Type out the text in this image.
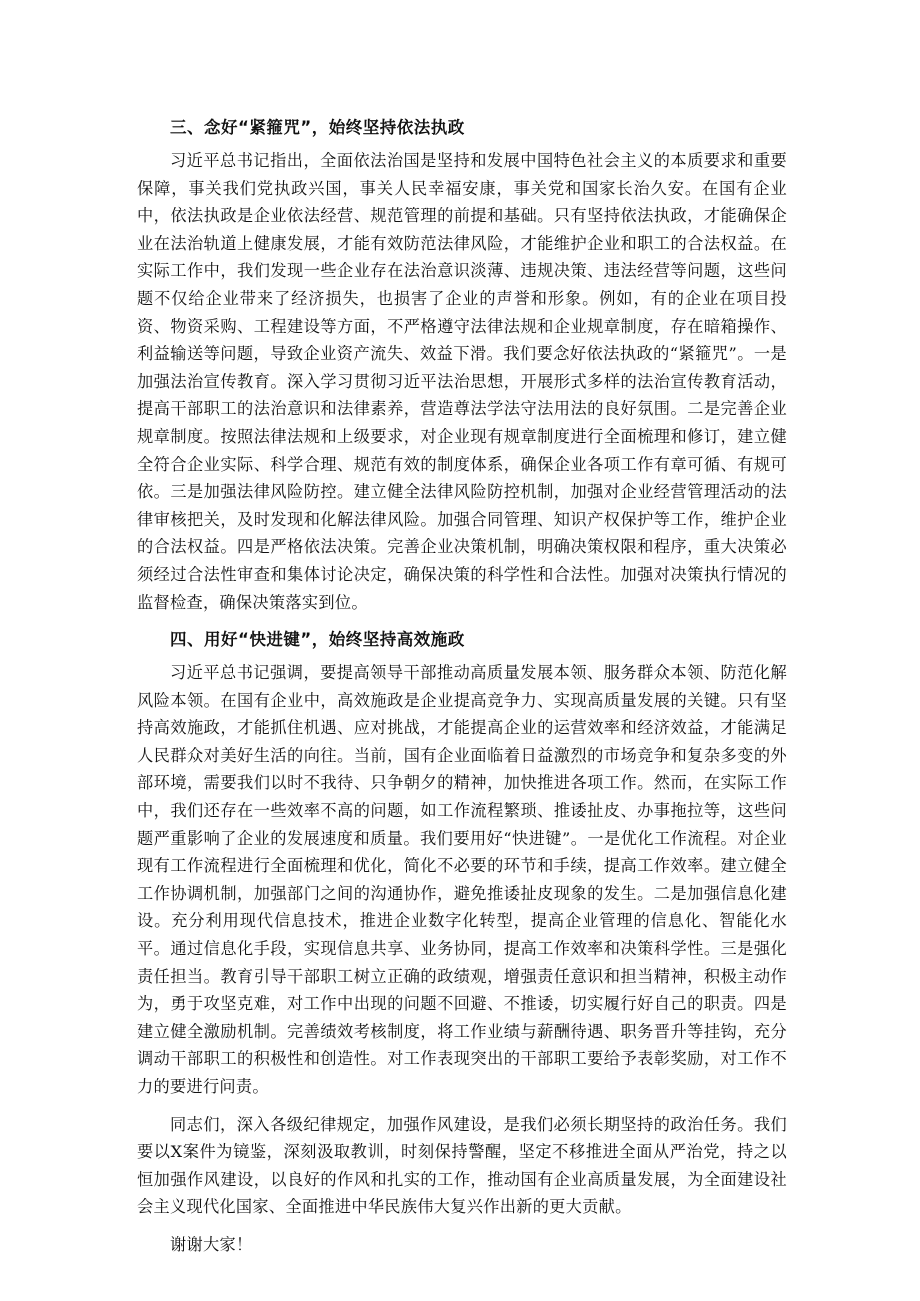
三、念好“紧箍咒”，始终坚持依法执政

习近平总书记指出，全面依法治国是坚持和发展中国特色社会主义的本质要求和重要保障，事关我们党执政兴国，事关人民幸福安康，事关党和国家长治久安。在国有企业中，依法执政是企业依法经营、规范管理的前提和基础。只有坚持依法执政，才能确保企业在法治轨道上健康发展，才能有效防范法律风险，才能维护企业和职工的合法权益。在实际工作中，我们发现一些企业存在法治意识淡薄、违规决策、违法经营等问题，这些问题不仅给企业带来了经济损失，也损害了企业的声誉和形象。例如，有的企业在项目投资、物资采购、工程建设等方面，不严格遵守法律法规和企业规章制度，存在暗箱操作、利益输送等问题，导致企业资产流失、效益下滑。我们要念好依法执政的“紧箍咒”。一是加强法治宣传教育。深入学习贯彻习近平法治思想，开展形式多样的法治宣传教育活动，提高干部职工的法治意识和法律素养，营造尊法学法守法用法的良好氛围。二是完善企业规章制度。按照法律法规和上级要求，对企业现有规章制度进行全面梳理和修订，建立健全符合企业实际、科学合理、规范有效的制度体系，确保企业各项工作有章可循、有规可依。三是加强法律风险防控。建立健全法律风险防控机制，加强对企业经营管理活动的法律审核把关，及时发现和化解法律风险。加强合同管理、知识产权保护等工作，维护企业的合法权益。四是严格依法决策。完善企业决策机制，明确决策权限和程序，重大决策必须经过合法性审查和集体讨论决定，确保决策的科学性和合法性。加强对决策执行情况的监督检查，确保决策落实到位。

四、用好“快进键”，始终坚持高效施政

习近平总书记强调，要提高领导干部推动高质量发展本领、服务群众本领、防范化解风险本领。在国有企业中，高效施政是企业提高竞争力、实现高质量发展的关键。只有坚持高效施政，才能抓住机遇、应对挑战，才能提高企业的运营效率和经济效益，才能满足人民群众对美好生活的向往。当前，国有企业面临着日益激烈的市场竞争和复杂多变的外部环境，需要我们以时不我待、只争朝夕的精神，加快推进各项工作。然而，在实际工作中，我们还存在一些效率不高的问题，如工作流程繁琐、推诿扯皮、办事拖拉等，这些问题严重影响了企业的发展速度和质量。我们要用好“快进键”。一是优化工作流程。对企业现有工作流程进行全面梳理和优化，简化不必要的环节和手续，提高工作效率。建立健全工作协调机制，加强部门之间的沟通协作，避免推诿扯皮现象的发生。二是加强信息化建设。充分利用现代信息技术，推进企业数字化转型，提高企业管理的信息化、智能化水平。通过信息化手段，实现信息共享、业务协同，提高工作效率和决策科学性。三是强化责任担当。教育引导干部职工树立正确的政绩观，增强责任意识和担当精神，积极主动作为，勇于攻坚克难，对工作中出现的问题不回避、不推诿，切实履行好自己的职责。四是建立健全激励机制。完善绩效考核制度，将工作业绩与薪酬待遇、职务晋升等挂钩，充分调动干部职工的积极性和创造性。对工作表现突出的干部职工要给予表彰奖励，对工作不力的要进行问责。

同志们，深入各级纪律规定，加强作风建设，是我们必须长期坚持的政治任务。我们要以X案件为镜鉴，深刻汲取教训，时刻保持警醒，坚定不移推进全面从严治党，持之以恒加强作风建设，以良好的作风和扎实的工作，推动国有企业高质量发展，为全面建设社会主义现代化国家、全面推进中华民族伟大复兴作出新的更大贡献。

谢谢大家！
